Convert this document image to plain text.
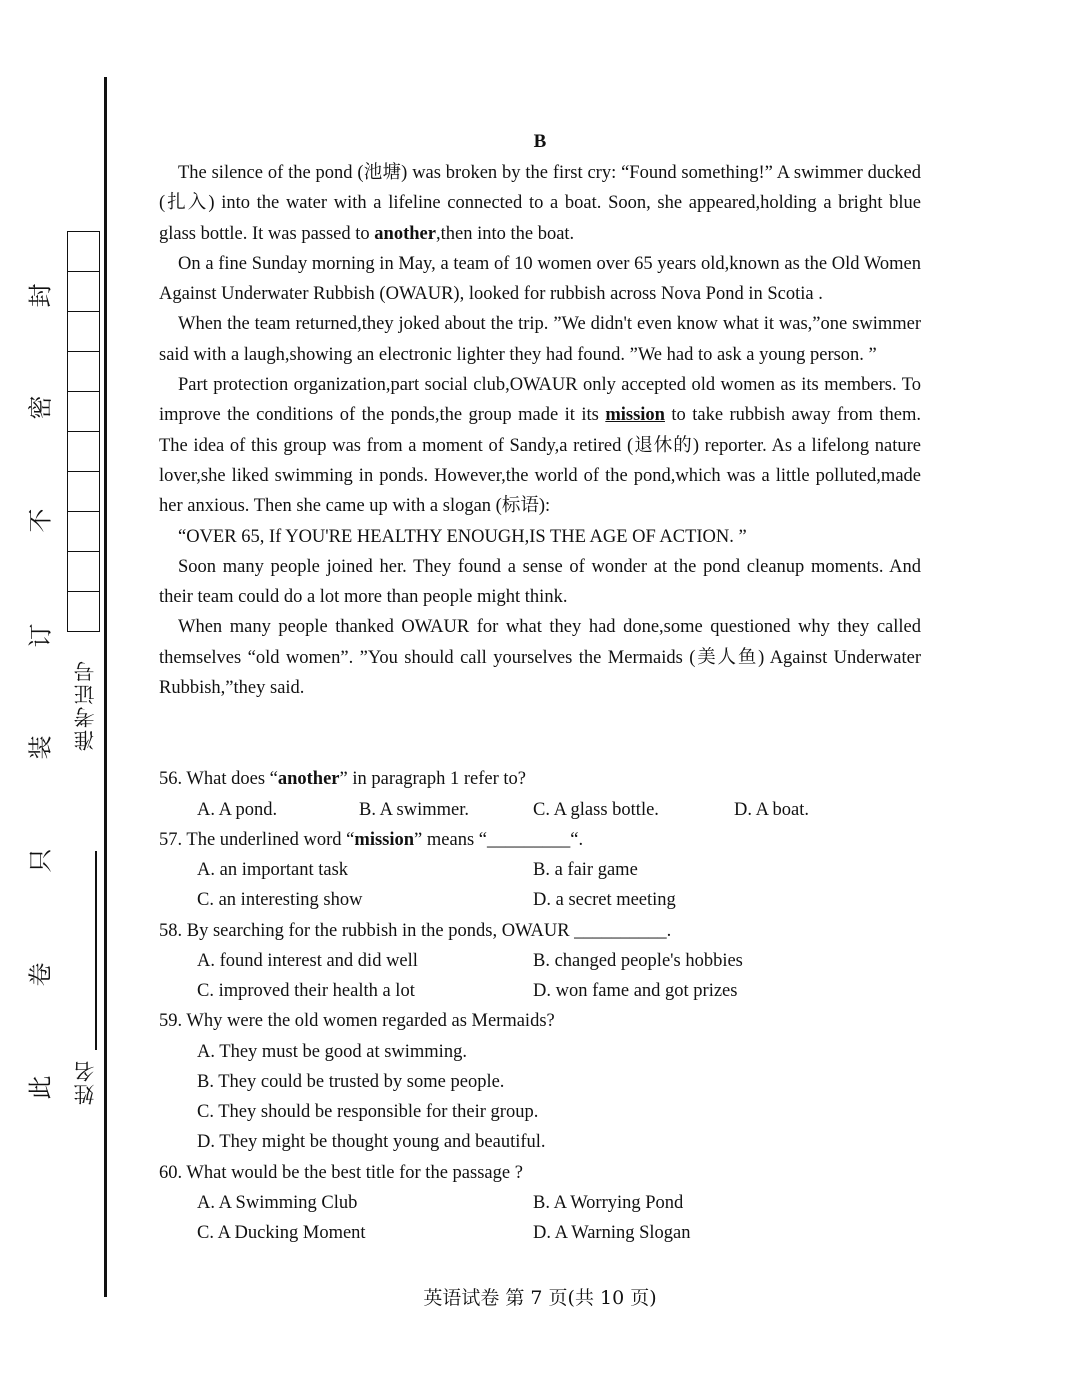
封
密
不
订
装
只
卷
此
准考证号
姓名
B

The silence of the pond (池塘) was broken by the first cry: “Found something!” A swimmer ducked (扎入) into the water with a lifeline connected to a boat. Soon, she appeared,holding a bright blue glass bottle. It was passed to another,then into the boat.

On a fine Sunday morning in May, a team of 10 women over 65 years old,known as the Old Women Against Underwater Rubbish (OWAUR), looked for rubbish across Nova Pond in Scotia .

When the team returned,they joked about the trip. ”We didn't even know what it was,”one swimmer said with a laugh,showing an electronic lighter they had found. ”We had to ask a young person. ”

Part protection organization,part social club,OWAUR only accepted old women as its members. To improve the conditions of the ponds,the group made it its mission to take rubbish away from them. The idea of this group was from a moment of Sandy,a retired (退休的) reporter. As a lifelong nature lover,she liked swimming in ponds. However,the world of the pond,which was a little polluted,made her anxious. Then she came up with a slogan (标语):

“OVER 65, If YOU'RE HEALTHY ENOUGH,IS THE AGE OF ACTION. ”

Soon many people joined her. They found a sense of wonder at the pond cleanup moments. And their team could do a lot more than people might think.

When many people thanked OWAUR for what they had done,some questioned why they called themselves “old women”. ”You should call yourselves the Mermaids (美人鱼) Against Underwater Rubbish,”they said.

56. What does “another” in paragraph 1 refer to?
A. A pond.	B. A swimmer.	C. A glass bottle.	D. A boat.
57. The underlined word “mission” means “_________“.
A. an important task	B. a fair game
C. an interesting show	D. a secret meeting
58. By searching for the rubbish in the ponds, OWAUR __________.
A. found interest and did well	B. changed people's hobbies
C. improved their health a lot	D. won fame and got prizes
59. Why were the old women regarded as Mermaids?
A. They must be good at swimming.
B. They could be trusted by some people.
C. They should be responsible for their group.
D. They might be thought young and beautiful.
60. What would be the best title for the passage ?
A. A Swimming Club	B. A Worrying Pond
C. A Ducking Moment	D. A Warning Slogan
英语试卷 第 7 页(共 10 页)
